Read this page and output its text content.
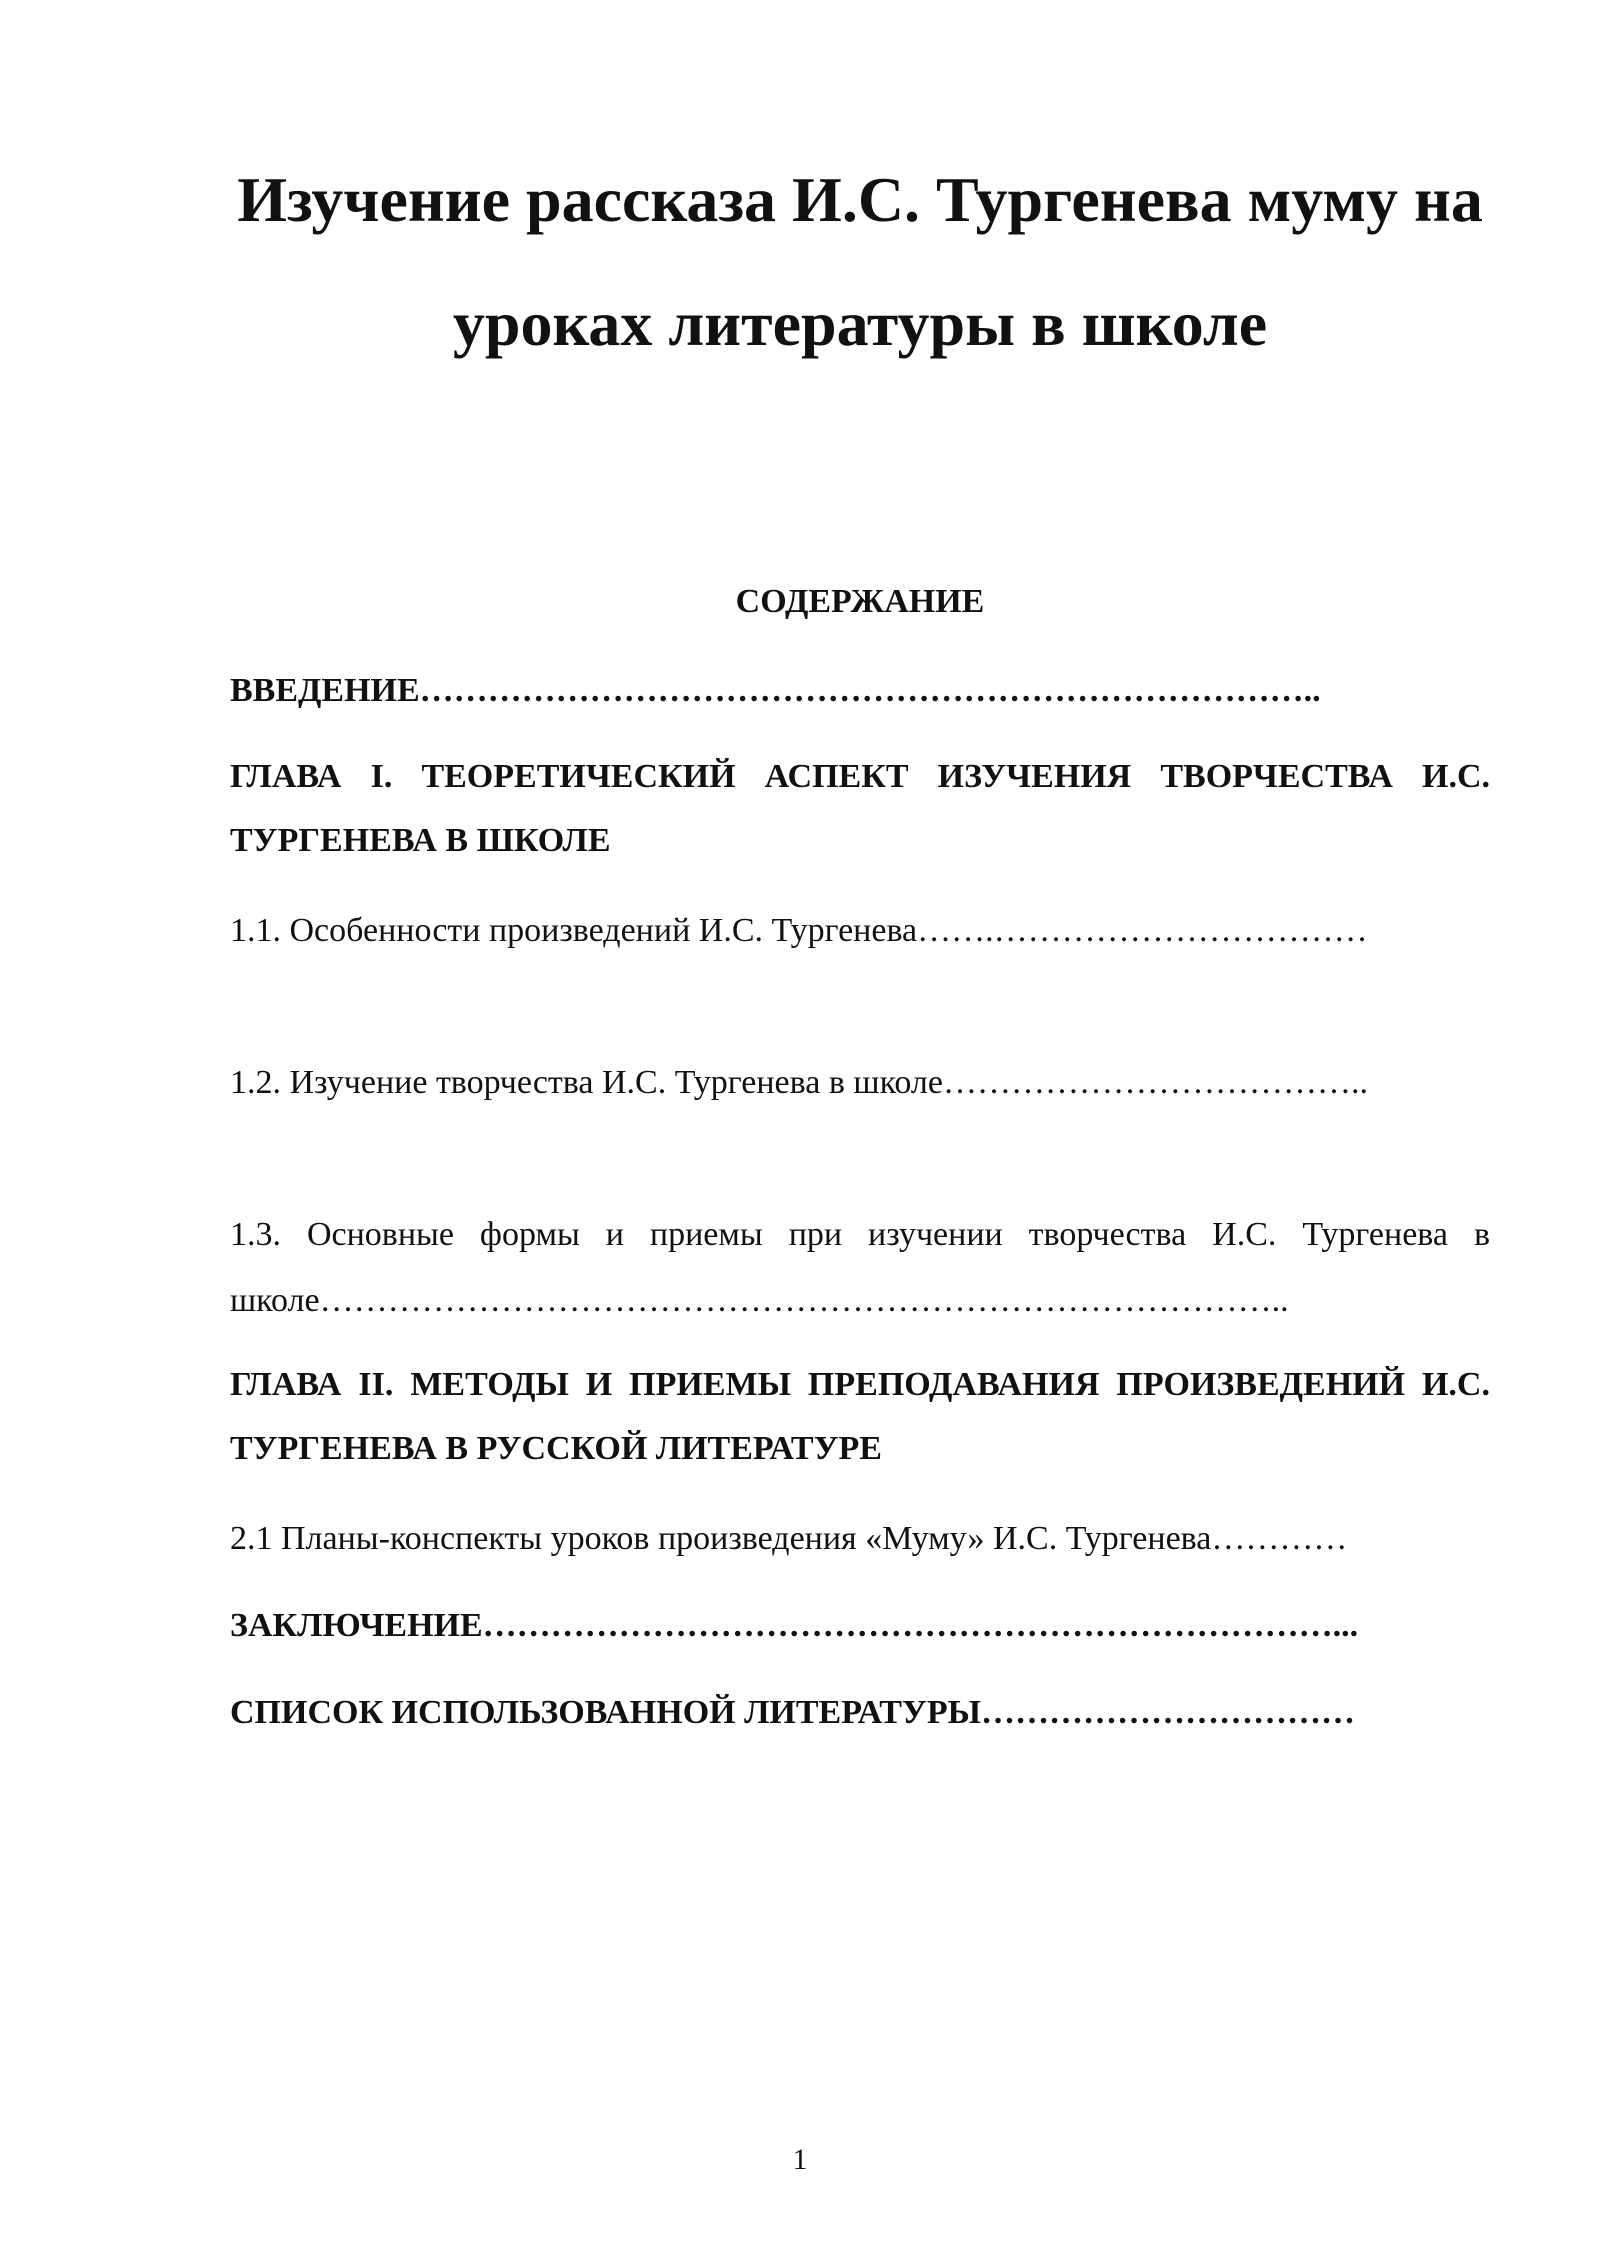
Изучение рассказа И.С. Тургенева муму на уроках литературы в школе
СОДЕРЖАНИЕ

ВВЕДЕНИЕ……………………………………………………………………..

ГЛАВА I. ТЕОРЕТИЧЕСКИЙ АСПЕКТ ИЗУЧЕНИЯ ТВОРЧЕСТВА И.С. ТУРГЕНЕВА В ШКОЛЕ

1.1. Особенности произведений И.С. Тургенева…….……………………………

1.2. Изучение творчества И.С. Тургенева в школе………………………………..

1.3. Основные формы и приемы при изучении творчества И.С. Тургенева в школе…………………………………………………………………………..

ГЛАВА II. МЕТОДЫ И ПРИЕМЫ ПРЕПОДАВАНИЯ ПРОИЗВЕДЕНИЙ И.С. ТУРГЕНЕВА В РУССКОЙ ЛИТЕРАТУРЕ

2.1 Планы-конспекты уроков произведения «Муму» И.С. Тургенева…………

ЗАКЛЮЧЕНИЕ…………………………………………………………………...

СПИСОК ИСПОЛЬЗОВАННОЙ ЛИТЕРАТУРЫ……………………………

1
